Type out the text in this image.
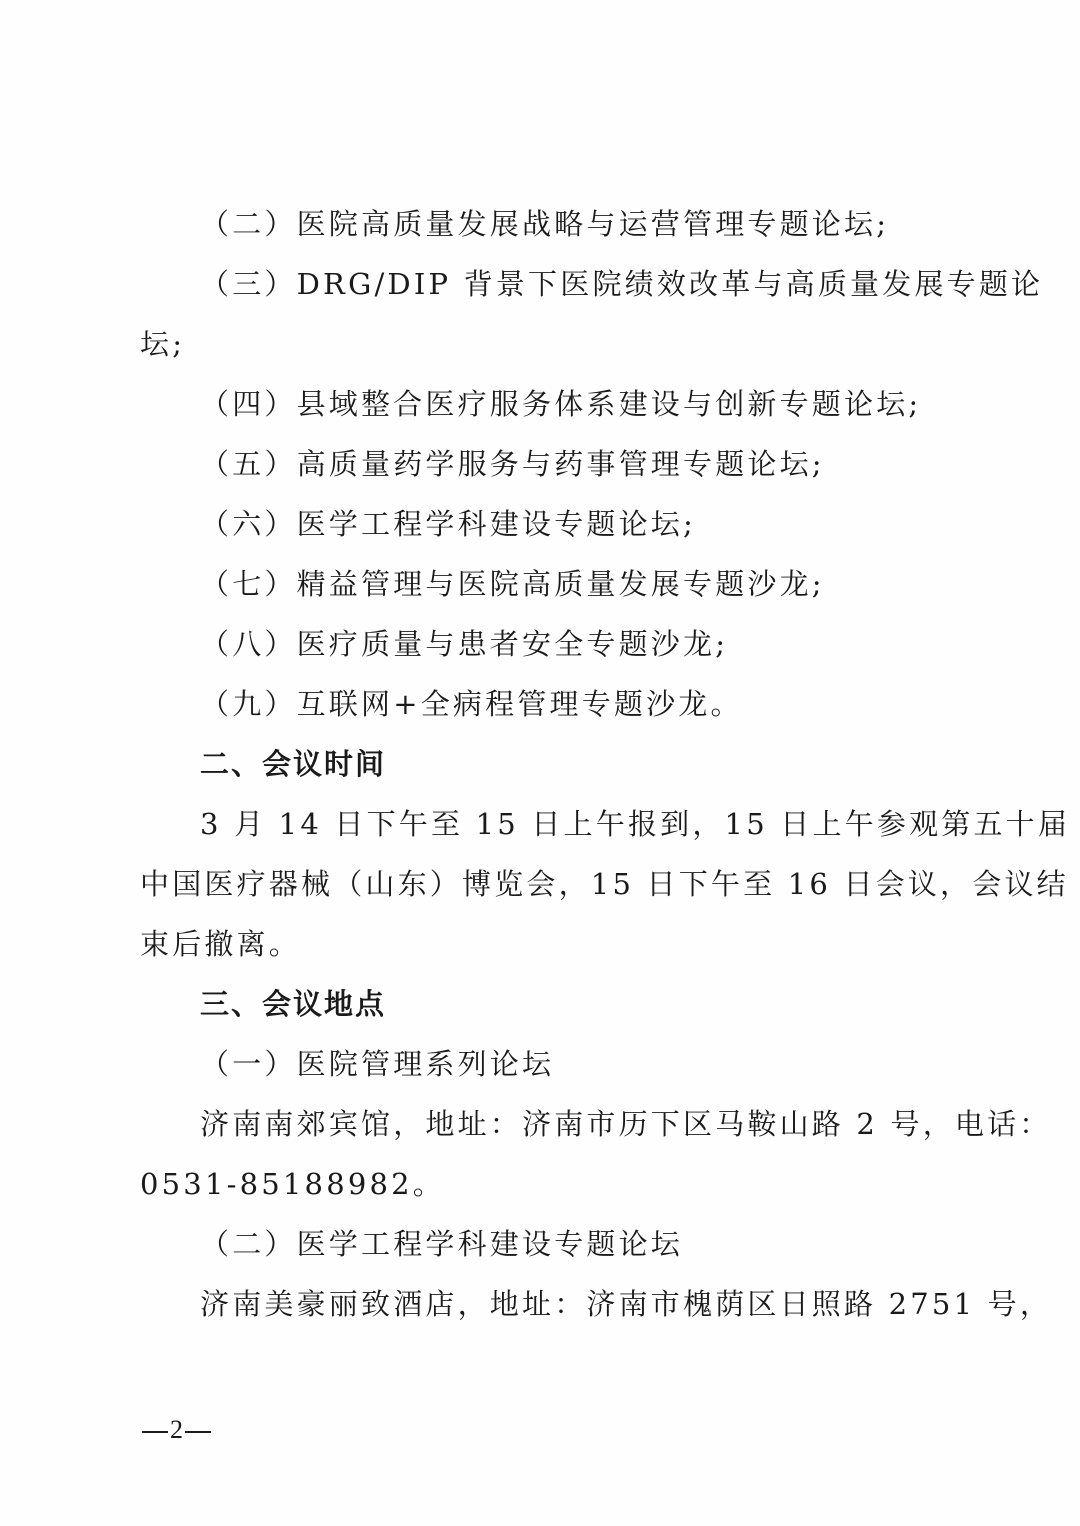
（二）医院高质量发展战略与运营管理专题论坛;
（三）DRG/DIP 背景下医院绩效改革与高质量发展专题论
坛;
（四）县域整合医疗服务体系建设与创新专题论坛;
（五）高质量药学服务与药事管理专题论坛;
（六）医学工程学科建设专题论坛;
（七）精益管理与医院高质量发展专题沙龙;
（八）医疗质量与患者安全专题沙龙;
（九）互联网+全病程管理专题沙龙。
二、会议时间
3 月 14 日下午至 15 日上午报到，15 日上午参观第五十届
中国医疗器械（山东）博览会，15 日下午至 16 日会议，会议结
束后撤离。
三、会议地点
（一）医院管理系列论坛
济南南郊宾馆，地址：济南市历下区马鞍山路 2 号，电话：
0531-85188982。
（二）医学工程学科建设专题论坛
济南美豪丽致酒店，地址：济南市槐荫区日照路 2751 号，
2
